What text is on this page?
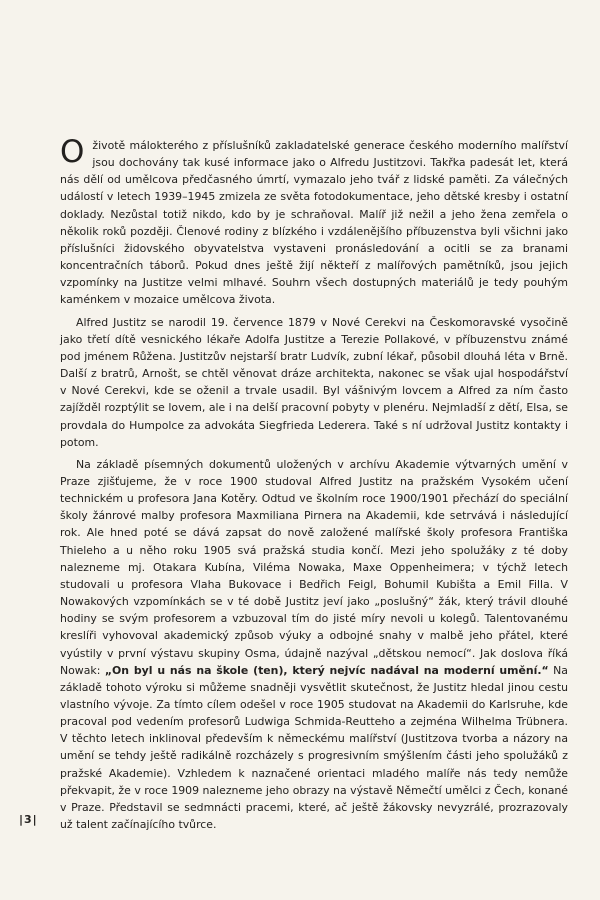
O životě málokterého z příslušníků zakladatelské generace českého moderního malířství jsou dochovány tak kusé informace jako o Alfredu Justitzovi. Takřka padesát let, která nás dělí od umělcova předčasného úmrtí, vymazalo jeho tvář z lidské paměti. Za válečných událostí v letech 1939–1945 zmizela ze světa fotodokumentace, jeho dětské kresby i ostatní doklady. Nezůstal totiž nikdo, kdo by je schraňoval. Malíř již nežil a jeho žena zemřela o několik roků později. Členové rodiny z blízkého i vzdálenějšího příbuzenstva byli všichni jako příslušníci židovského obyvatelstva vystaveni pronásledování a ocitli se za branami koncentračních táborů. Pokud dnes ještě žijí někteří z malířových pamětníků, jsou jejich vzpomínky na Justitze velmi mlhavé. Souhrn všech dostupných materiálů je tedy pouhým kaménkem v mozaice umělcova života.

Alfred Justitz se narodil 19. července 1879 v Nové Cerekvi na Českomoravské vysočině jako třetí dítě vesnického lékaře Adolfa Justitze a Terezie Pollakové, v příbuzenstvu známé pod jménem Růžena. Justitzův nejstarší bratr Ludvík, zubní lékař, působil dlouhá léta v Brně. Další z bratrů, Arnošt, se chtěl věnovat dráze architekta, nakonec se však ujal hospodářství v Nové Cerekvi, kde se oženil a trvale usadil. Byl vášnivým lovcem a Alfred za ním často zajížděl rozptýlit se lovem, ale i na delší pracovní pobyty v plenéru. Nejmladší z dětí, Elsa, se provdala do Humpolce za advokáta Siegfrieda Lederera. Také s ní udržoval Justitz kontakty i potom.

Na základě písemných dokumentů uložených v archívu Akademie výtvarných umění v Praze zjišťujeme, že v roce 1900 studoval Alfred Justitz na pražském Vysokém učení technickém u profesora Jana Kotěry. Odtud ve školním roce 1900/1901 přechází do speciální školy žánrové malby profesora Maxmiliana Pirnera na Akademii, kde setrvává i následující rok. Ale hned poté se dává zapsat do nově založené malířské školy profesora Františka Thieleho a u něho roku 1905 svá pražská studia končí. Mezi jeho spolužáky z té doby nalezneme mj. Otakara Kubína, Viléma Nowaka, Maxe Oppenheimera; v týchž letech studovali u profesora Vlaha Bukovace i Bedřich Feigl, Bohumil Kubišta a Emil Filla. V Nowakových vzpomínkách se v té době Justitz jeví jako „poslušný“ žák, který trávil dlouhé hodiny se svým profesorem a vzbuzoval tím do jisté míry nevoli u kolegů. Talentovanému kreslíři vyhovoval akademický způsob výuky a odbojné snahy v malbě jeho přátel, které vyústily v první výstavu skupiny Osma, údajně nazýval „dětskou nemocí“. Jak doslova říká Nowak: „On byl u nás na škole (ten), který nejvíc nadával na moderní umění.“ Na základě tohoto výroku si můžeme snadněji vysvětlit skutečnost, že Justitz hledal jinou cestu vlastního vývoje. Za tímto cílem odešel v roce 1905 studovat na Akademii do Karlsruhe, kde pracoval pod vedením profesorů Ludwiga Schmida-Reutteho a zejména Wilhelma Trübnera. V těchto letech inklinoval především k německému malířství (Justitzova tvorba a názory na umění se tehdy ještě radikálně rozcházely s progresivním smýšlením části jeho spolužáků z pražské Akademie). Vzhledem k naznačené orientaci mladého malíře nás tedy nemůže překvapit, že v roce 1909 nalezneme jeho obrazy na výstavě Němečtí umělci z Čech, konané v Praze. Představil se sedmnácti pracemi, které, ač ještě žákovsky nevyzrálé, prozrazovaly už talent začínajícího tvůrce.

|3|
